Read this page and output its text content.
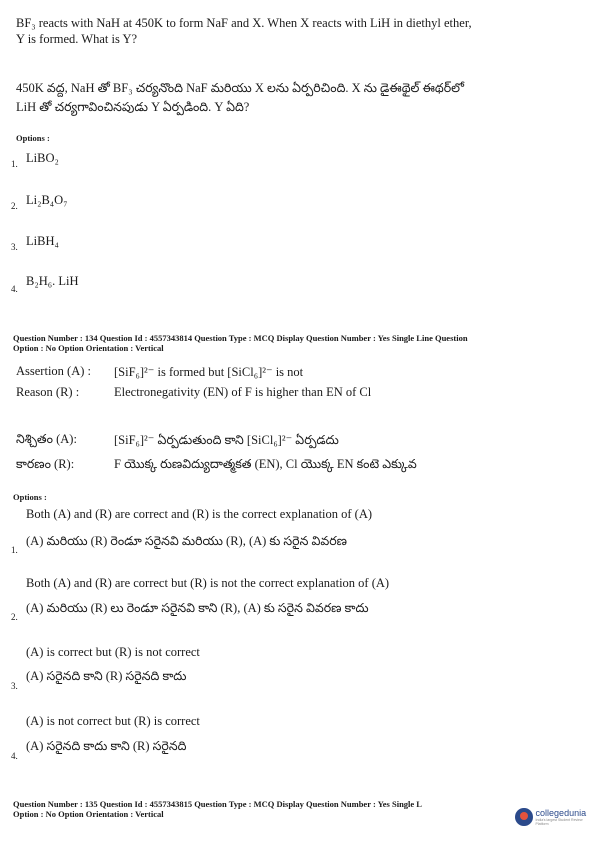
BF₃ reacts with NaH at 450K to form NaF and X. When X reacts with LiH in diethyl ether,
Y is formed. What is Y?
450K వద్ద, NaH తో BF₃ చర్యనొంది NaF మరియు X లను ఏర్పరిచింది. X ను డైఈథైల్ ఈథర్‌లో
LiH తో చర్యగావించినపుడు Y ఏర్పడింది. Y ఏది?
Options :
1. LiBO₂
2. Li₂B₄O₇
3. LiBH₄
4.
B₂H₆. LiH
Question Number : 134 Question Id : 4557343814 Question Type : MCQ Display Question Number : Yes Single Line Question
Option : No Option Orientation : Vertical
Assertion (A) : [SiF₆]²⁻ is formed but [SiCl₆]²⁻ is not
Reason (R) :	Electronegativity (EN) of F is higher than EN of Cl
నిశ్చితం (A):	[SiF₆]²⁻ ఏర్పడుతుంది కాని [SiCl₆]²⁻ ఏర్పడదు
కారణం (R):	F యొక్క రుణవిద్యుదాత్మకత (EN), Cl యొక్క EN కంటె ఎక్కువ
Options :
Both (A) and (R) are correct and (R) is the correct explanation of (A)
1.
(A) మరియు (R) రెండూ సరైనవి మరియు (R), (A) కు సరైన వివరణ
Both (A) and (R) are correct but (R) is not the correct explanation of (A)
2.
(A) మరియు (R) లు రెండూ సరైనవి కాని (R), (A) కు సరైన వివరణ కాదు
(A) is correct but (R) is not correct
3.
(A) సరైనది కాని (R) సరైనది కాదు
(A) is not correct but (R) is correct
4.
(A) సరైనది కాదు కాని (R) సరైనది
Question Number : 135 Question Id : 4557343815 Question Type : MCQ Display Question Number : Yes Single L
Option : No Option Orientation : Vertical	collegedunia
India's largest Student Review Platform
